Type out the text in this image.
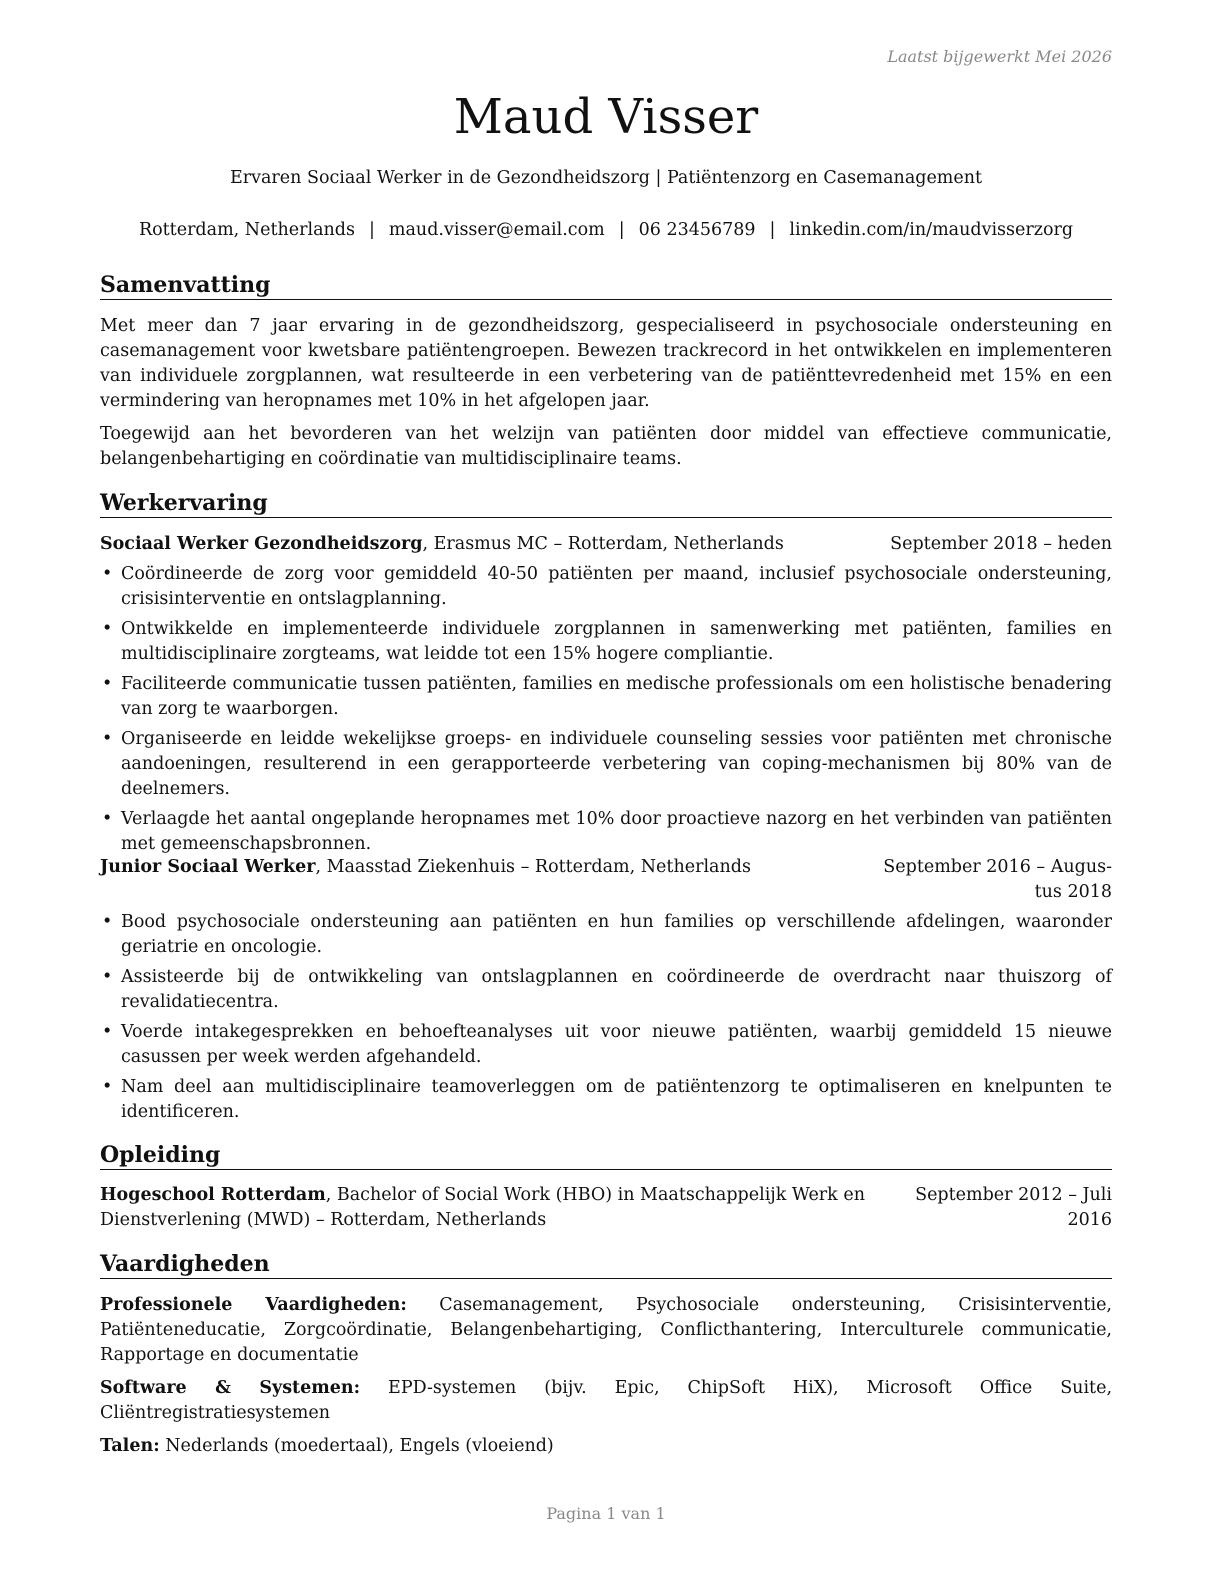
Laatst bijgewerkt Mei 2026
Maud Visser
Ervaren Sociaal Werker in de Gezondheidszorg | Patiëntenzorg en Casemanagement
Rotterdam, Netherlands | maud.visser@email.com | 06 23456789 | linkedin.com/in/maudvisserzorg
Samenvatting

Met meer dan 7 jaar ervaring in de gezondheidszorg, gespecialiseerd in psychosociale ondersteuning en casemanagement voor kwetsbare patiëntengroepen. Bewezen trackrecord in het ontwikkelen en implementeren van individuele zorgplannen, wat resulteerde in een verbetering van de patiënttevredenheid met 15% en een vermindering van heropnames met 10% in het afgelopen jaar.

Toegewijd aan het bevorderen van het welzijn van patiënten door middel van effectieve communicatie, belangenbehartiging en coördinatie van multidisciplinaire teams.

Werkervaring
Sociaal Werker Gezondheidszorg, Erasmus MC – Rotterdam, Netherlands	September 2018 – heden
• Coördineerde de zorg voor gemiddeld 40-50 patiënten per maand, inclusief psychosociale ondersteuning, crisisinterventie en ontslagplanning.
• Ontwikkelde en implementeerde individuele zorgplannen in samenwerking met patiënten, families en multidisciplinaire zorgteams, wat leidde tot een 15% hogere compliantie.
• Faciliteerde communicatie tussen patiënten, families en medische professionals om een holistische benadering van zorg te waarborgen.
• Organiseerde en leidde wekelijkse groeps- en individuele counseling sessies voor patiënten met chronische aandoeningen, resulterend in een gerapporteerde verbetering van coping-mechanismen bij 80% van de deelnemers.
• Verlaagde het aantal ongeplande heropnames met 10% door proactieve nazorg en het verbinden van patiënten met gemeenschapsbronnen.
Junior Sociaal Werker, Maasstad Ziekenhuis – Rotterdam, Netherlands	September 2016 – Augus-
tus 2018
• Bood psychosociale ondersteuning aan patiënten en hun families op verschillende afdelingen, waaronder geriatrie en oncologie.
• Assisteerde bij de ontwikkeling van ontslagplannen en coördineerde de overdracht naar thuiszorg of revalidatiecentra.
• Voerde intakegesprekken en behoefteanalyses uit voor nieuwe patiënten, waarbij gemiddeld 15 nieuwe casussen per week werden afgehandeld.
• Nam deel aan multidisciplinaire teamoverleggen om de patiëntenzorg te optimaliseren en knelpunten te identificeren.
Opleiding
Hogeschool Rotterdam, Bachelor of Social Work (HBO) in Maatschappelijk Werk en
Dienstverlening (MWD) – Rotterdam, Netherlands
September 2012 – Juli
2016
Vaardigheden

Professionele Vaardigheden: Casemanagement, Psychosociale ondersteuning, Crisisinterventie, Patiënteneducatie, Zorgcoördinatie, Belangenbehartiging, Conflicthantering, Interculturele communicatie, Rapportage en documentatie

Software & Systemen: EPD-systemen (bijv. Epic, ChipSoft HiX), Microsoft Office Suite, Cliëntregistratiesystemen

Talen: Nederlands (moedertaal), Engels (vloeiend)

Pagina 1 van 1
